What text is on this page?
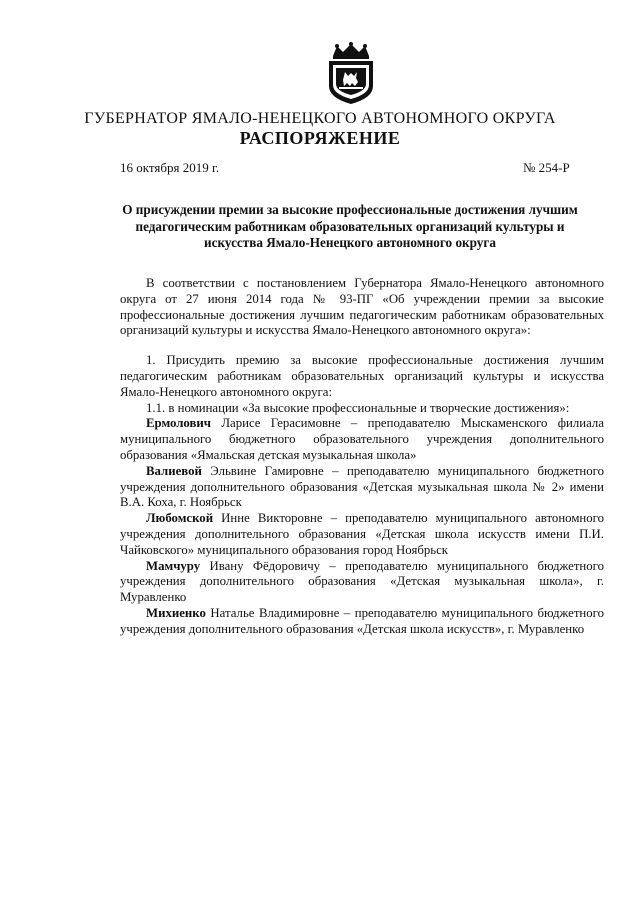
ГУБЕРНАТОР ЯМАЛО-НЕНЕЦКОГО АВТОНОМНОГО ОКРУГА
РАСПОРЯЖЕНИЕ
16 октября 2019 г.	№ 254-Р
О присуждении премии за высокие профессиональные достижения лучшим педагогическим работникам образовательных организаций культуры и искусства Ямало-Ненецкого автономного округа

В соответствии с постановлением Губернатора Ямало-Ненецкого автономного округа от 27 июня 2014 года № 93-ПГ «Об учреждении премии за высокие профессиональные достижения лучшим педагогическим работникам образовательных организаций культуры и искусства Ямало-Ненецкого автономного округа»:

1. Присудить премию за высокие профессиональные достижения лучшим педагогическим работникам образовательных организаций культуры и искусства Ямало-Ненецкого автономного округа:

1.1. в номинации «За высокие профессиональные и творческие достижения»:

Ермолович Ларисе Герасимовне – преподавателю Мыскаменского филиала муниципального бюджетного образовательного учреждения дополнительного образования «Ямальская детская музыкальная школа»

Валиевой Эльвине Гамировне – преподавателю муниципального бюджетного учреждения дополнительного образования «Детская музыкальная школа № 2» имени В.А. Коха, г. Ноябрьск

Любомской Инне Викторовне – преподавателю муниципального автономного учреждения дополнительного образования «Детская школа искусств имени П.И. Чайковского» муниципального образования город Ноябрьск

Мамчуру Ивану Фёдоровичу – преподавателю муниципального бюджетного учреждения дополнительного образования «Детская музыкальная школа», г. Муравленко

Михиенко Наталье Владимировне – преподавателю муниципального бюджетного учреждения дополнительного образования «Детская школа искусств», г. Муравленко
